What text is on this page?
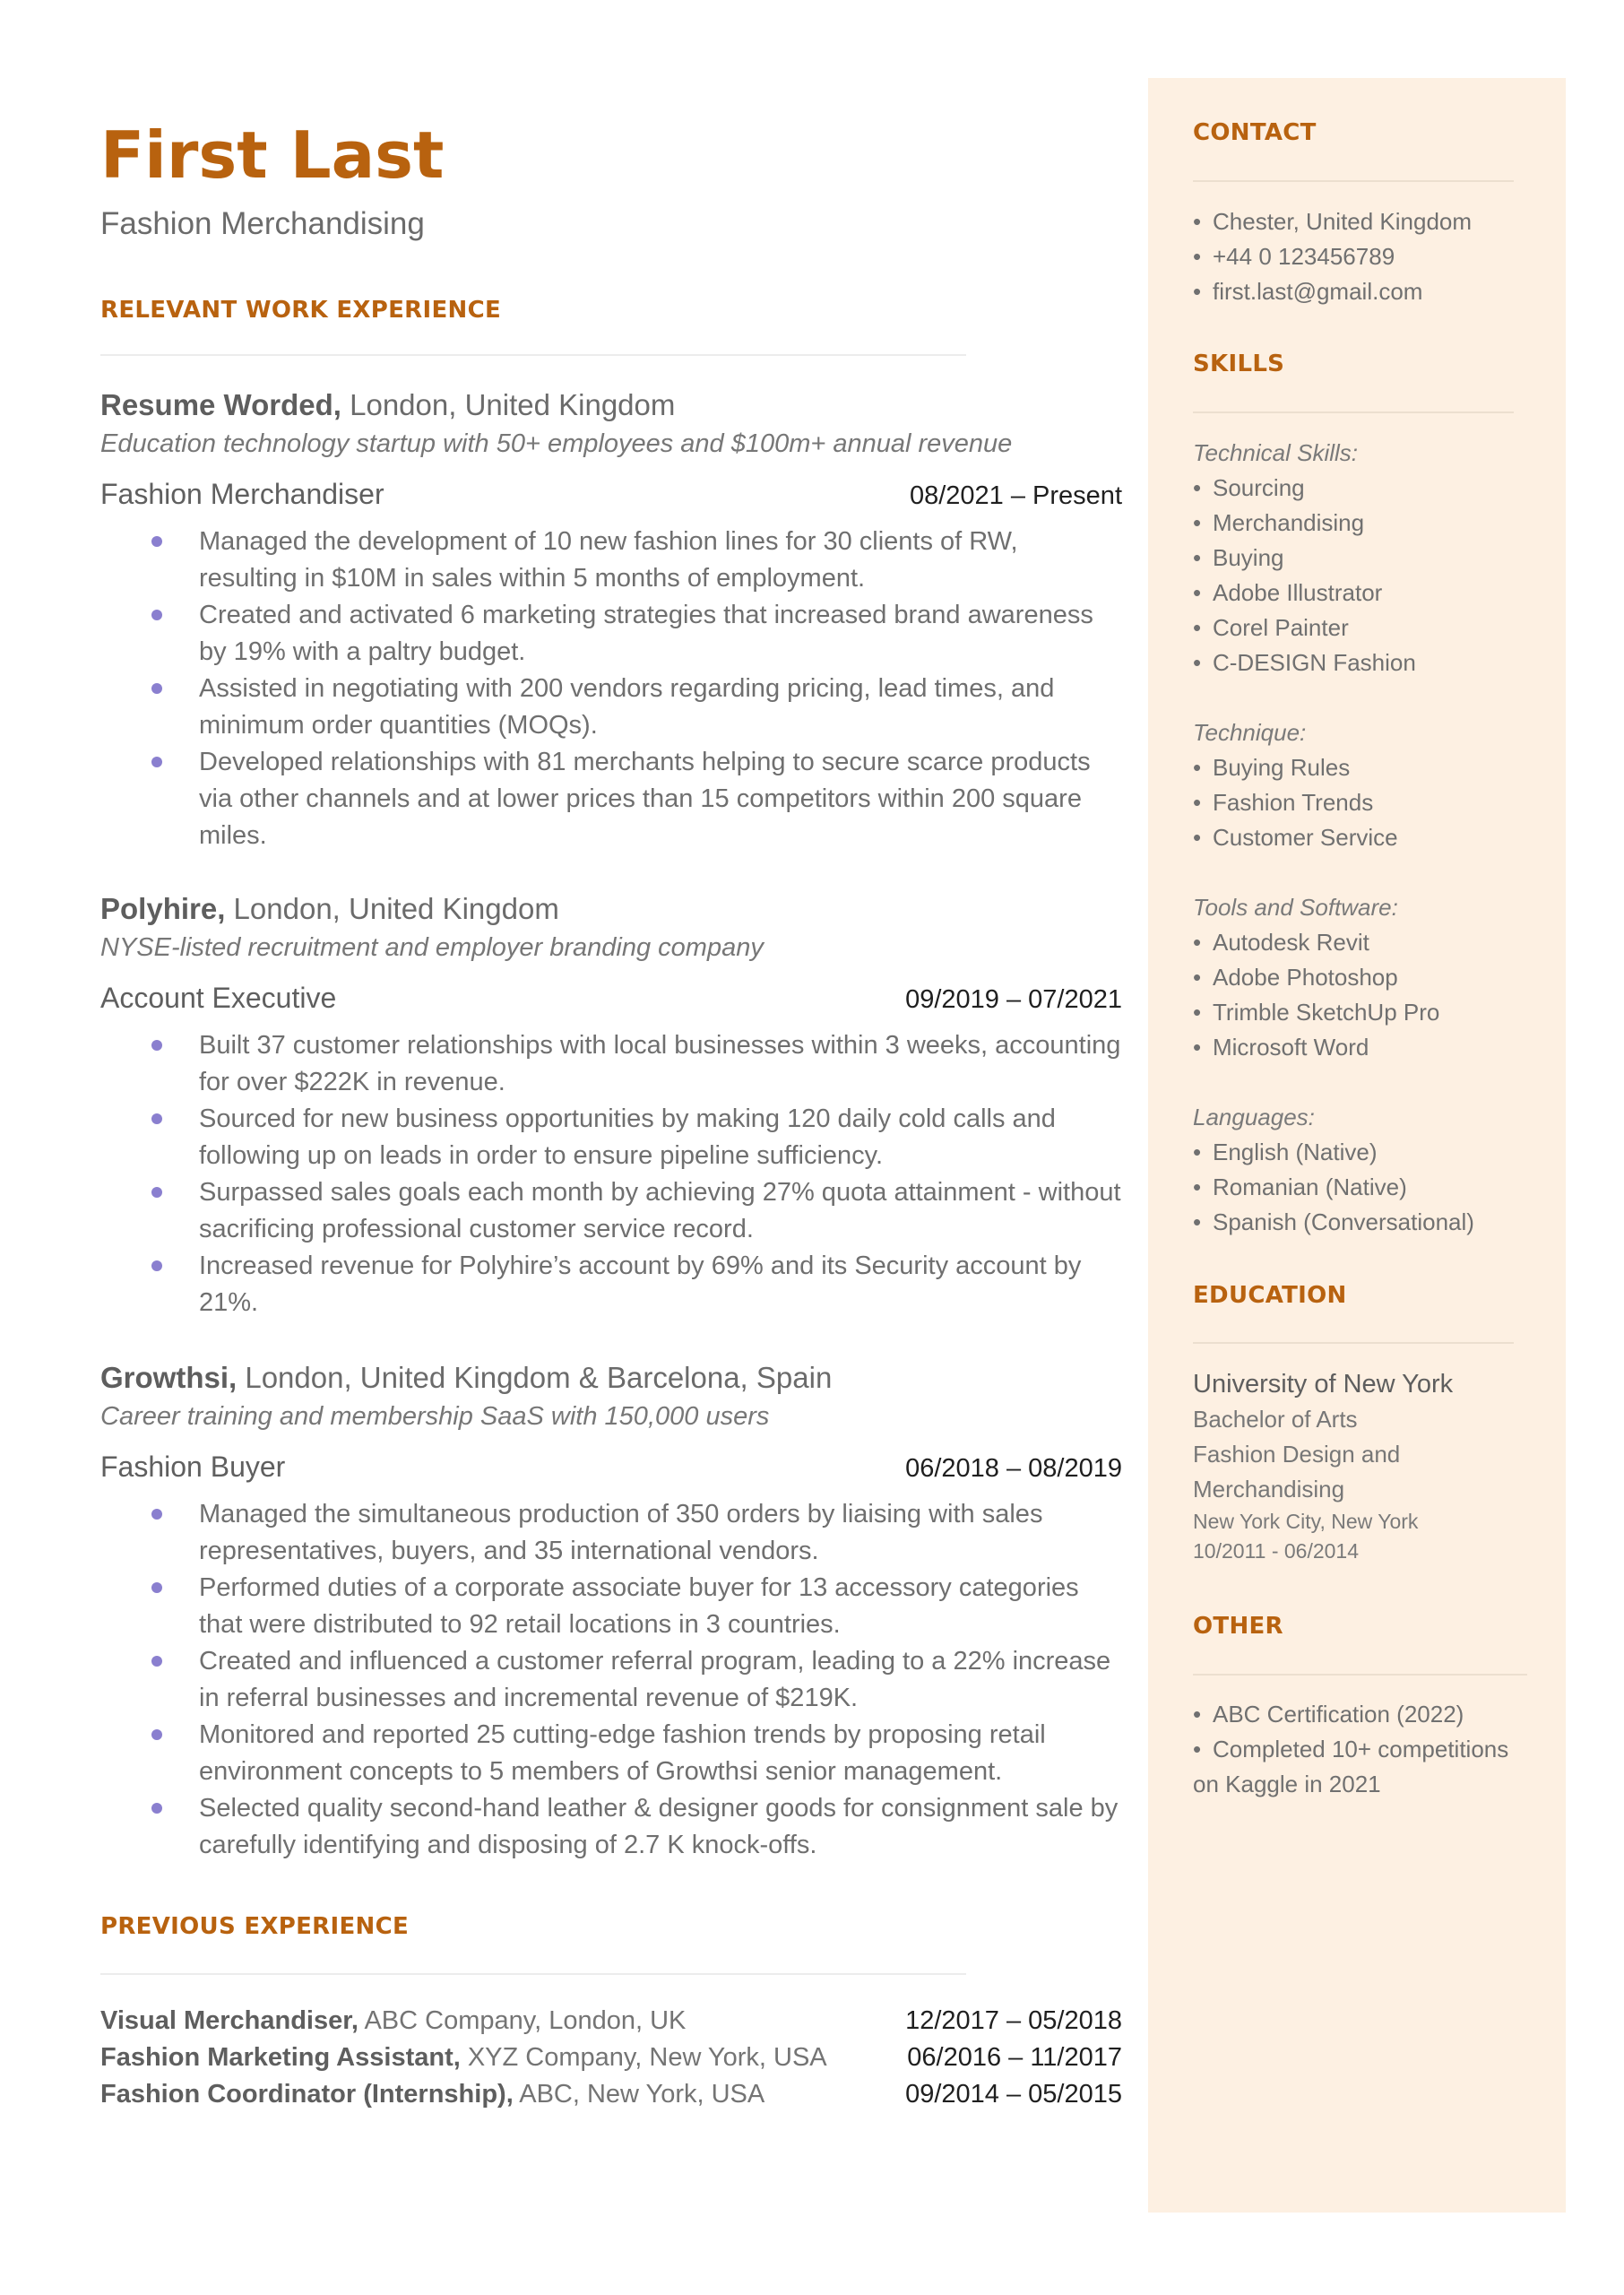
First Last
Fashion Merchandising
RELEVANT WORK EXPERIENCE
Resume Worded, London, United Kingdom
Education technology startup with 50+ employees and $100m+ annual revenue
Fashion Merchandiser	08/2021 – Present
Managed the development of 10 new fashion lines for 30 clients of RW, resulting in $10M in sales within 5 months of employment.
Created and activated 6 marketing strategies that increased brand awareness by 19% with a paltry budget.
Assisted in negotiating with 200 vendors regarding pricing, lead times, and minimum order quantities (MOQs).
Developed relationships with 81 merchants helping to secure scarce products via other channels and at lower prices than 15 competitors within 200 square miles.
Polyhire, London, United Kingdom
NYSE-listed recruitment and employer branding company
Account Executive	09/2019 – 07/2021
Built 37 customer relationships with local businesses within 3 weeks, accounting for over $222K in revenue.
Sourced for new business opportunities by making 120 daily cold calls and following up on leads in order to ensure pipeline sufficiency.
Surpassed sales goals each month by achieving 27% quota attainment - without sacrificing professional customer service record.
Increased revenue for Polyhire’s account by 69% and its Security account by 21%.
Growthsi, London, United Kingdom & Barcelona, Spain
Career training and membership SaaS with 150,000 users
Fashion Buyer	06/2018 – 08/2019
Managed the simultaneous production of 350 orders by liaising with sales representatives, buyers, and 35 international vendors.
Performed duties of a corporate associate buyer for 13 accessory categories that were distributed to 92 retail locations in 3 countries.
Created and influenced a customer referral program, leading to a 22% increase in referral businesses and incremental revenue of $219K.
Monitored and reported 25 cutting-edge fashion trends by proposing retail environment concepts to 5 members of Growthsi senior management.
Selected quality second-hand leather & designer goods for consignment sale by carefully identifying and disposing of 2.7 K knock-offs.
PREVIOUS EXPERIENCE
Visual Merchandiser, ABC Company, London, UK	12/2017 – 05/2018
Fashion Marketing Assistant, XYZ Company, New York, USA	06/2016 – 11/2017
Fashion Coordinator (Internship), ABC, New York, USA	09/2014 – 05/2015
CONTACT
• Chester, United Kingdom
• +44 0 123456789
• first.last@gmail.com
SKILLS
Technical Skills:
• Sourcing
• Merchandising
• Buying
• Adobe Illustrator
• Corel Painter
• C-DESIGN Fashion
Technique:
• Buying Rules
• Fashion Trends
• Customer Service
Tools and Software:
• Autodesk Revit
• Adobe Photoshop
• Trimble SketchUp Pro
• Microsoft Word
Languages:
• English (Native)
• Romanian (Native)
• Spanish (Conversational)
EDUCATION
University of New York
Bachelor of Arts
Fashion Design and
Merchandising
New York City, New York
10/2011 - 06/2014
OTHER
• ABC Certification (2022)
• Completed 10+ competitions on Kaggle in 2021
